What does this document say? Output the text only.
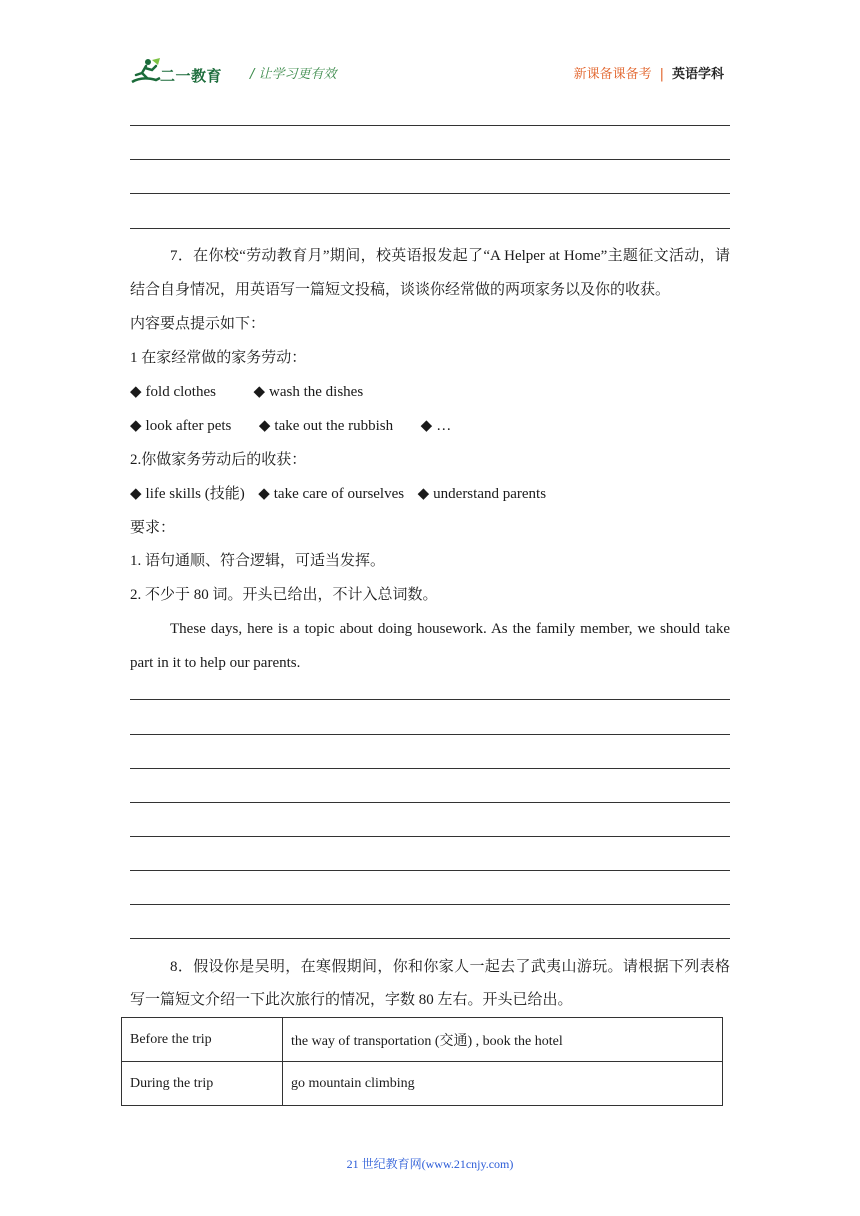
二一教育 / 让学习更有效	新课备课备考 | 英语学科
7．在你校“劳动教育月”期间，校英语报发起了“A Helper at Home”主题征文活动，请
结合自身情况，用英语写一篇短文投稿，谈谈你经常做的两项家务以及你的收获。
内容要点提示如下：
1 在家经常做的家务劳动：
◆ fold clothes	◆ wash the dishes
◆ look after pets ◆ take out the rubbish ◆ …
2.你做家务劳动后的收获：
◆ life skills (技能) ◆ take care of ourselves ◆ understand parents
要求：
1. 语句通顺、符合逻辑，可适当发挥。
2. 不少于 80 词。开头已给出，不计入总词数。
These days, here is a topic about doing housework. As the family member, we should take
part in it to help our parents.
8．假设你是吴明，在寒假期间，你和你家人一起去了武夷山游玩。请根据下列表格
写一篇短文介绍一下此次旅行的情况，字数 80 左右。开头已给出。
Before the trip	the way of transportation (交通) , book the hotel
During the trip	go mountain climbing
21 世纪教育网(www.21cnjy.com)
